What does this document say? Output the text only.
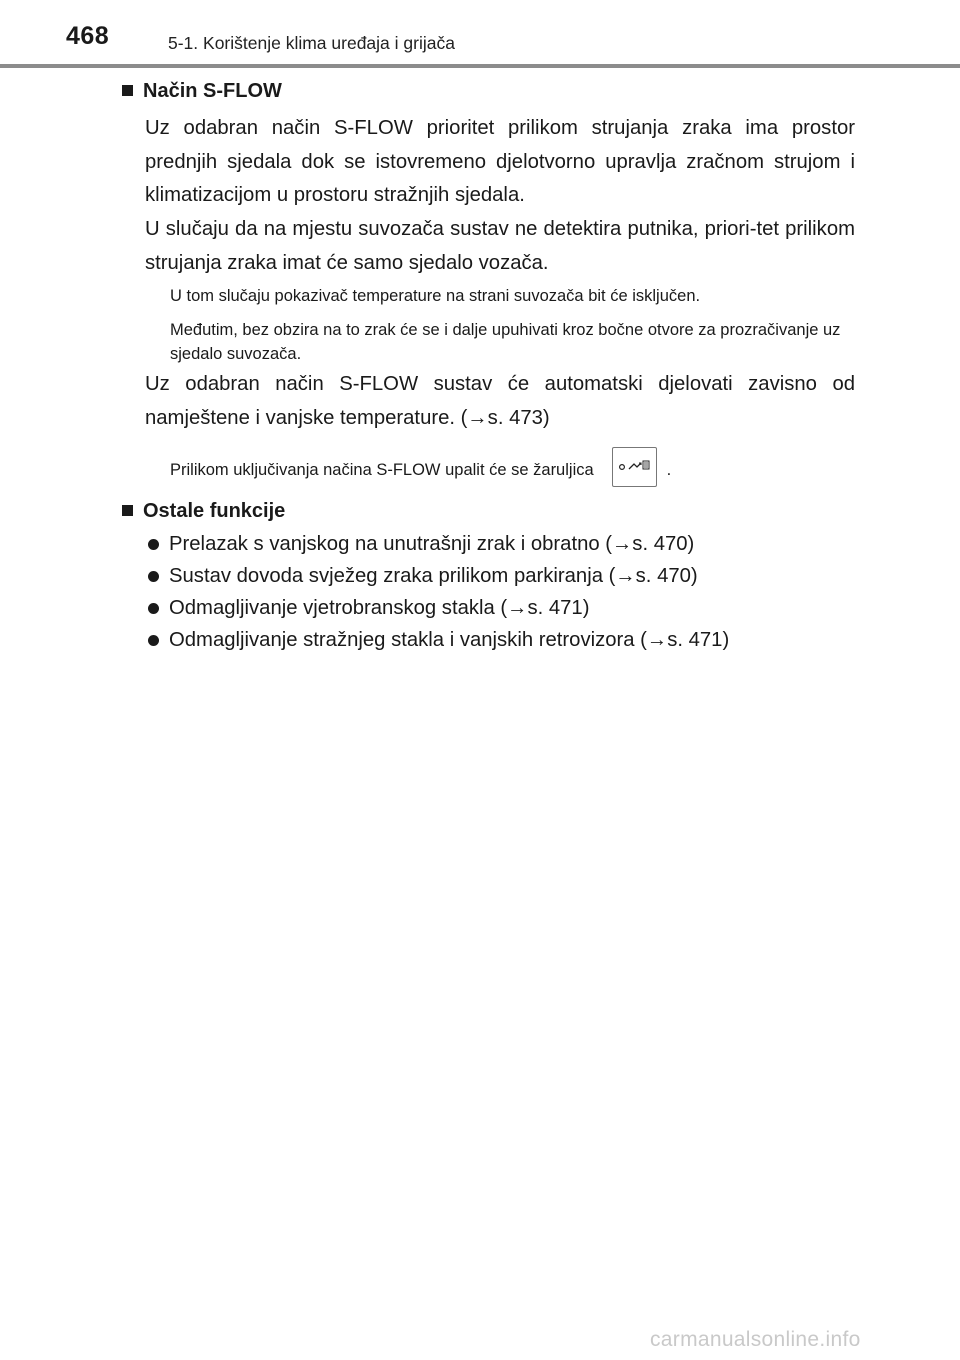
468	5-1. Korištenje klima uređaja i grijača
Način S-FLOW
Uz odabran način S-FLOW prioritet prilikom strujanja zraka ima prostor prednjih sjedala dok se istovremeno djelotvorno upravlja zračnom strujom i klimatizacijom u prostoru stražnjih sjedala.
U slučaju da na mjestu suvozača sustav ne detektira putnika, priori-tet prilikom strujanja zraka imat će samo sjedalo vozača.
U tom slučaju pokazivač temperature na strani suvozača bit će isključen.
Međutim, bez obzira na to zrak će se i dalje upuhivati kroz bočne otvore za prozračivanje uz sjedalo suvozača.
Uz odabran način S-FLOW sustav će automatski djelovati zavisno od namještene i vanjske temperature. (→s. 473)
Prilikom uključivanja načina S-FLOW upalit će se žaruljica	.
Ostale funkcije
Prelazak s vanjskog na unutrašnji zrak i obratno (→s. 470)
Sustav dovoda svježeg zraka prilikom parkiranja (→s. 470)
Odmagljivanje vjetrobranskog stakla (→s. 471)
Odmagljivanje stražnjeg stakla i vanjskih retrovizora (→s. 471)
carmanualsonline.info
